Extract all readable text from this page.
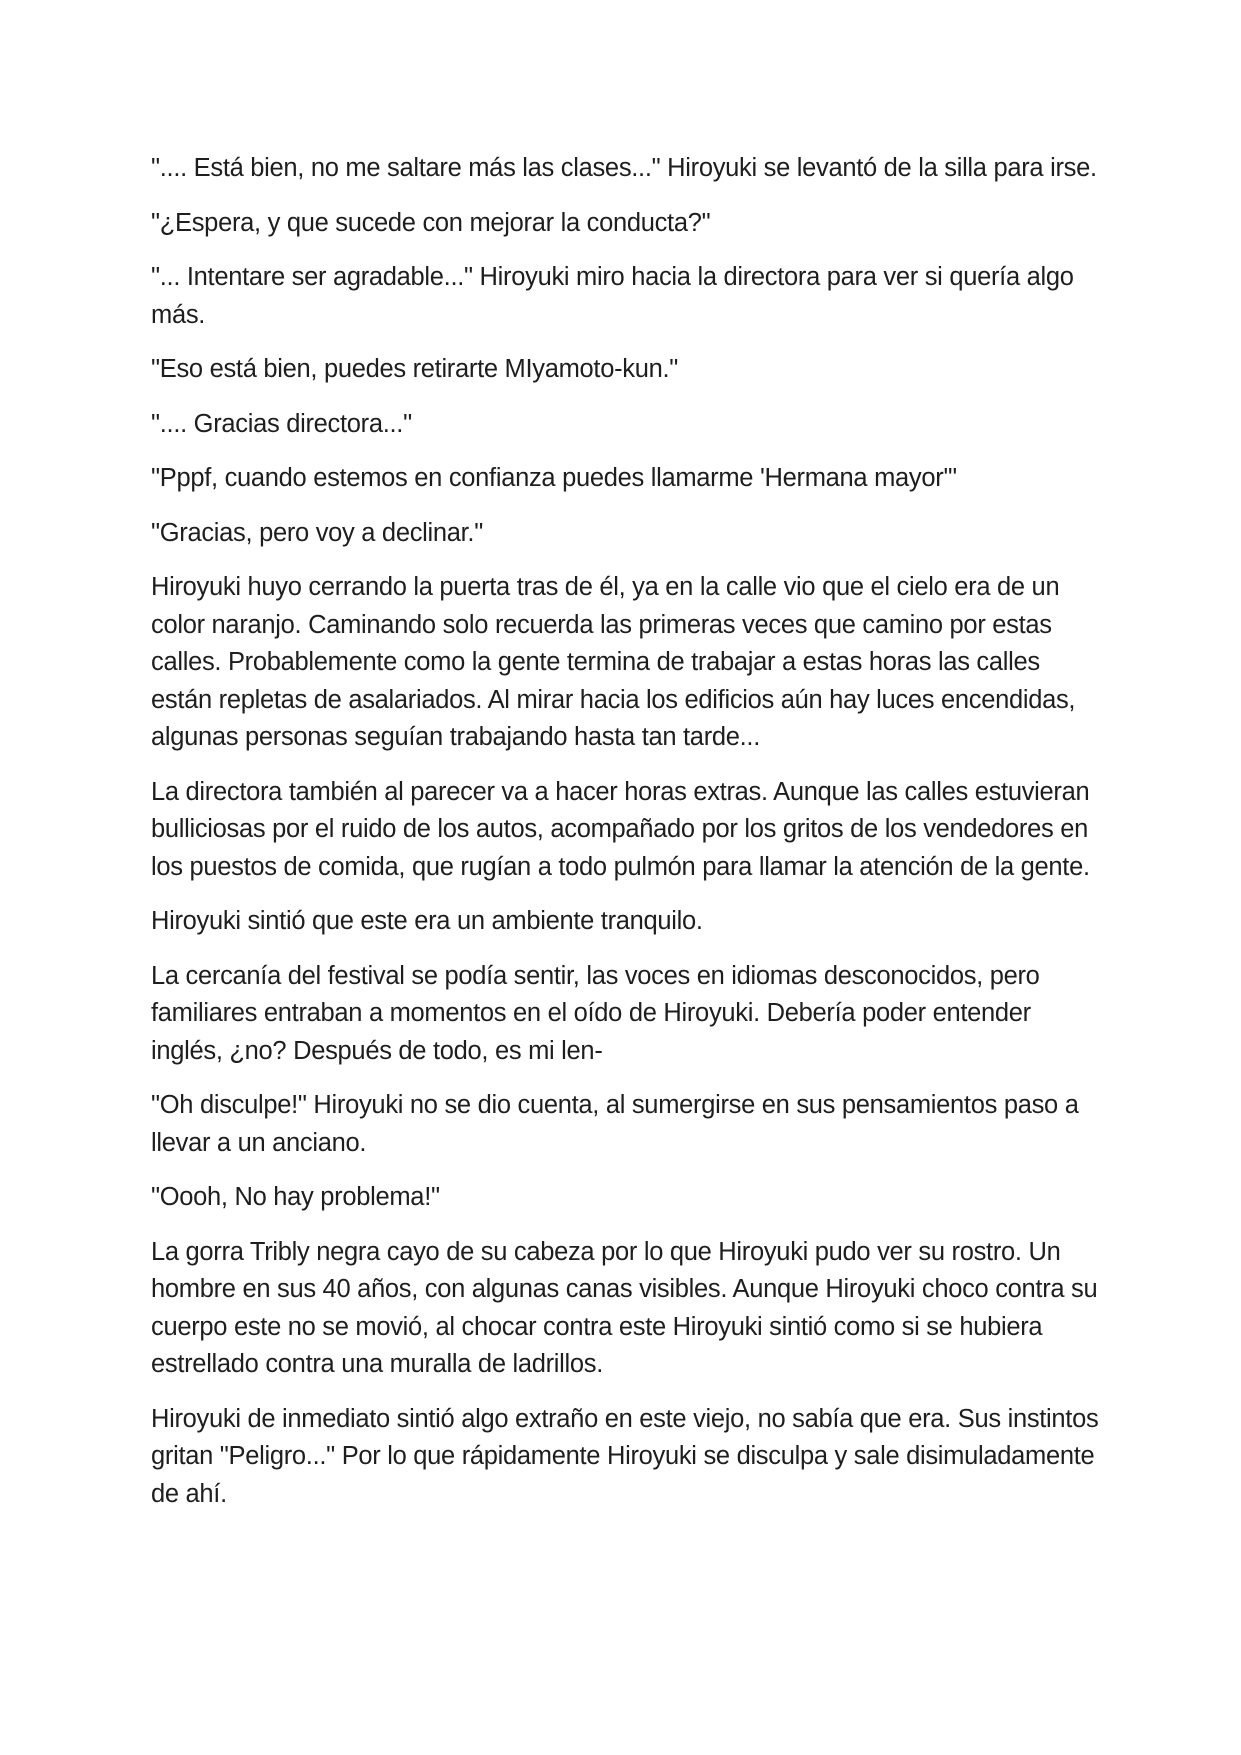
".... Está bien, no me saltare más las clases..." Hiroyuki se levantó de la silla para irse.

"¿Espera, y que sucede con mejorar la conducta?"

"... Intentare ser agradable..." Hiroyuki miro hacia la directora para ver si quería algo más.

"Eso está bien, puedes retirarte MIyamoto-kun."

".... Gracias directora..."

"Pppf, cuando estemos en confianza puedes llamarme 'Hermana mayor'"

"Gracias, pero voy a declinar."

Hiroyuki huyo cerrando la puerta tras de él, ya en la calle vio que el cielo era de un color naranjo. Caminando solo recuerda las primeras veces que camino por estas calles. Probablemente como la gente termina de trabajar a estas horas las calles están repletas de asalariados. Al mirar hacia los edificios aún hay luces encendidas, algunas personas seguían trabajando hasta tan tarde...

La directora también al parecer va a hacer horas extras. Aunque las calles estuvieran bulliciosas por el ruido de los autos, acompañado por los gritos de los vendedores en los puestos de comida, que rugían a todo pulmón para llamar la atención de la gente.

Hiroyuki sintió que este era un ambiente tranquilo.

La cercanía del festival se podía sentir, las voces en idiomas desconocidos, pero familiares entraban a momentos en el oído de Hiroyuki. Debería poder entender inglés, ¿no? Después de todo, es mi len-

"Oh disculpe!" Hiroyuki no se dio cuenta, al sumergirse en sus pensamientos paso a llevar a un anciano.

"Oooh, No hay problema!"

La gorra Tribly negra cayo de su cabeza por lo que Hiroyuki pudo ver su rostro. Un hombre en sus 40 años, con algunas canas visibles. Aunque Hiroyuki choco contra su cuerpo este no se movió, al chocar contra este Hiroyuki sintió como si se hubiera estrellado contra una muralla de ladrillos.

Hiroyuki de inmediato sintió algo extraño en este viejo, no sabía que era. Sus instintos gritan "Peligro..." Por lo que rápidamente Hiroyuki se disculpa y sale disimuladamente de ahí.
